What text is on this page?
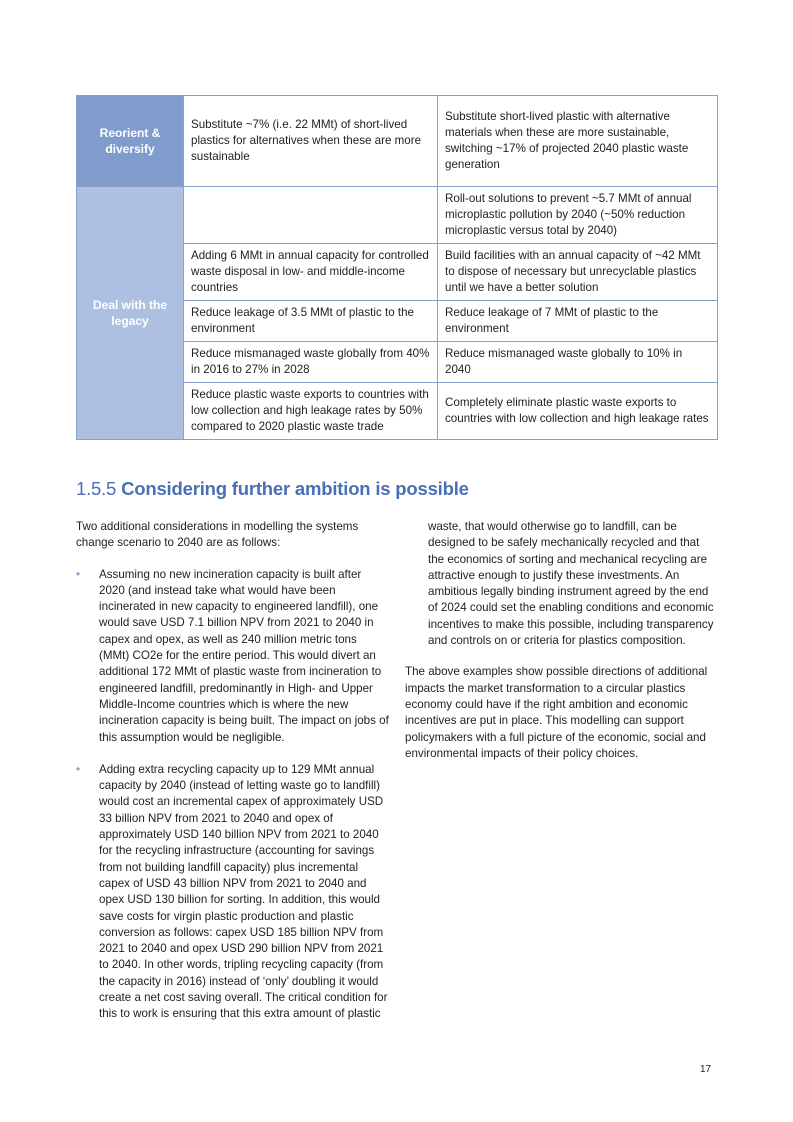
Reorient & diversify	Substitute ~7% (i.e. 22 MMt) of short-lived plastics for alternatives when these are more sustainable	Substitute short-lived plastic with alternative materials when these are more sustainable, switching ~17% of projected 2040 plastic waste generation
Deal with the legacy		Roll-out solutions to prevent ~5.7 MMt of annual microplastic pollution by 2040 (~50% reduction microplastic versus total by 2040)
	Adding 6 MMt in annual capacity for controlled waste disposal in low- and middle-income countries	Build facilities with an annual capacity of ~42 MMt to dispose of necessary but unrecyclable plastics until we have a better solution
	Reduce leakage of 3.5 MMt of plastic to the environment	Reduce leakage of 7 MMt of plastic to the environment
	Reduce mismanaged waste globally from 40% in 2016 to 27% in 2028	Reduce mismanaged waste globally to 10% in 2040
	Reduce plastic waste exports to countries with low collection and high leakage rates by 50% compared to 2020 plastic waste trade	Completely eliminate plastic waste exports to countries with low collection and high leakage rates
1.5.5 Considering further ambition is possible

Two additional considerations in modelling the systems change scenario to 2040 are as follows:

• Assuming no new incineration capacity is built after 2020 (and instead take what would have been incinerated in new capacity to engineered landfill), one would save USD 7.1 billion NPV from 2021 to 2040 in capex and opex, as well as 240 million metric tons (MMt) CO2e for the entire period. This would divert an additional 172 MMt of plastic waste from incineration to engineered landfill, predominantly in High- and Upper Middle-Income countries which is where the new incineration capacity is being built. The impact on jobs of this assumption would be negligible.
• Adding extra recycling capacity up to 129 MMt annual capacity by 2040 (instead of letting waste go to landfill) would cost an incremental capex of approximately USD 33 billion NPV from 2021 to 2040 and opex of approximately USD 140 billion NPV from 2021 to 2040 for the recycling infrastructure (accounting for savings from not building landfill capacity) plus incremental capex of USD 43 billion NPV from 2021 to 2040 and opex USD 130 billion for sorting. In addition, this would save costs for virgin plastic production and plastic conversion as follows: capex USD 185 billion NPV from 2021 to 2040 and opex USD 290 billion NPV from 2021 to 2040. In other words, tripling recycling capacity (from the capacity in 2016) instead of ‘only’ doubling it would create a net cost saving overall. The critical condition for this to work is ensuring that this extra amount of plastic

waste, that would otherwise go to landfill, can be designed to be safely mechanically recycled and that the economics of sorting and mechanical recycling are attractive enough to justify these investments. An ambitious legally binding instrument agreed by the end of 2024 could set the enabling conditions and economic incentives to make this possible, including transparency and controls on or criteria for plastics composition.

The above examples show possible directions of additional impacts the market transformation to a circular plastics economy could have if the right ambition and economic incentives are put in place. This modelling can support policymakers with a full picture of the economic, social and environmental impacts of their policy choices.

17
